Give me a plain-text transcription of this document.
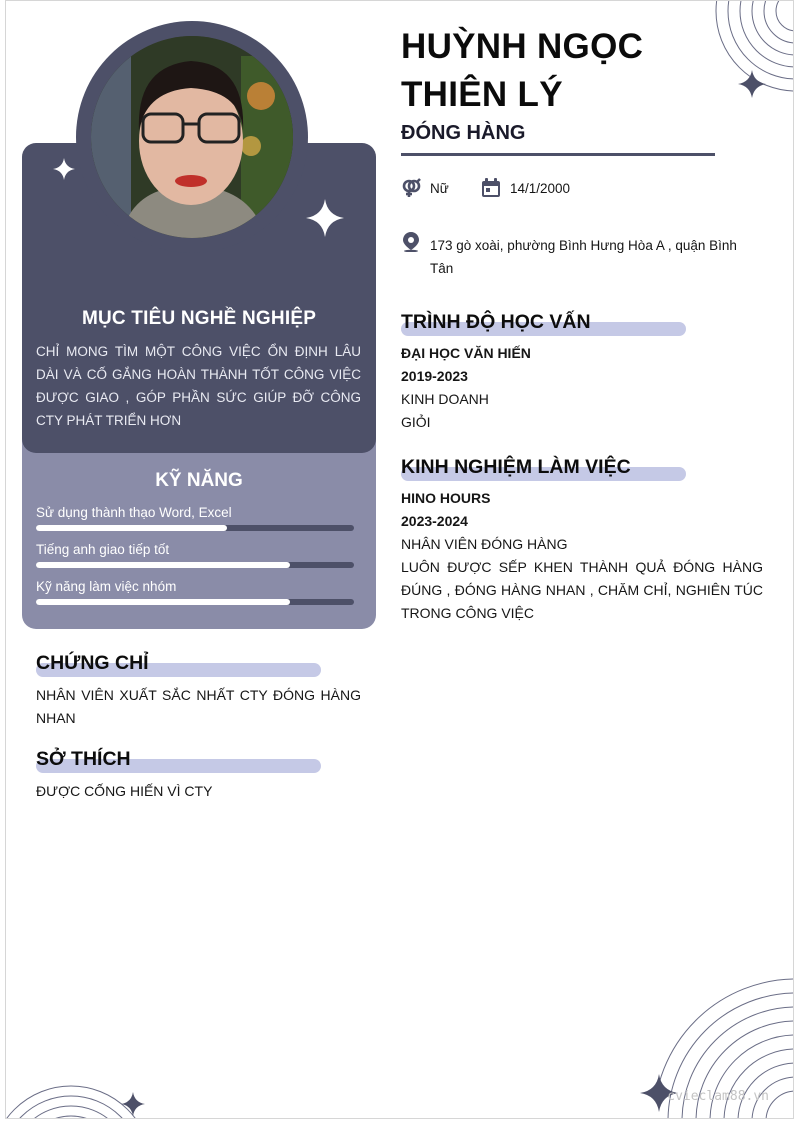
MỤC TIÊU NGHỀ NGHIỆP
CHỈ MONG TÌM MỘT CÔNG VIỆC ỔN ĐỊNH LÂU DÀI VÀ CỐ GẮNG HOÀN THÀNH TỐT CÔNG VIỆC ĐƯỢC GIAO , GÓP PHẦN SỨC GIÚP ĐỠ CÔNG CTY PHÁT TRIỂN HƠN
KỸ NĂNG
Sử dụng thành thạo Word, Excel
Tiếng anh giao tiếp tốt
Kỹ năng làm việc nhóm
CHỨNG CHỈ
NHÂN VIÊN XUẤT SẮC NHẤT CTY ĐÓNG HÀNG NHAN
SỞ THÍCH
ĐƯỢC CỐNG HIẾN VÌ CTY
HUỲNH NGỌC
THIÊN LÝ
ĐÓNG HÀNG
Nữ	14/1/2000
173 gò xoài, phường Bình Hưng Hòa A , quận Bình
Tân
TRÌNH ĐỘ HỌC VẤN
ĐẠI HỌC VĂN HIẾN
2019-2023
KINH DOANH
GIỎI
KINH NGHIỆM LÀM VIỆC
HINO HOURS
2023-2024
NHÂN VIÊN ĐÓNG HÀNG
LUÔN ĐƯỢC SẾP KHEN THÀNH QUẢ ĐÓNG HÀNG ĐÚNG , ĐÓNG HÀNG NHAN , CHĂM CHỈ, NGHIÊN TÚC TRONG CÔNG VIỆC
cvieclam88.vn
